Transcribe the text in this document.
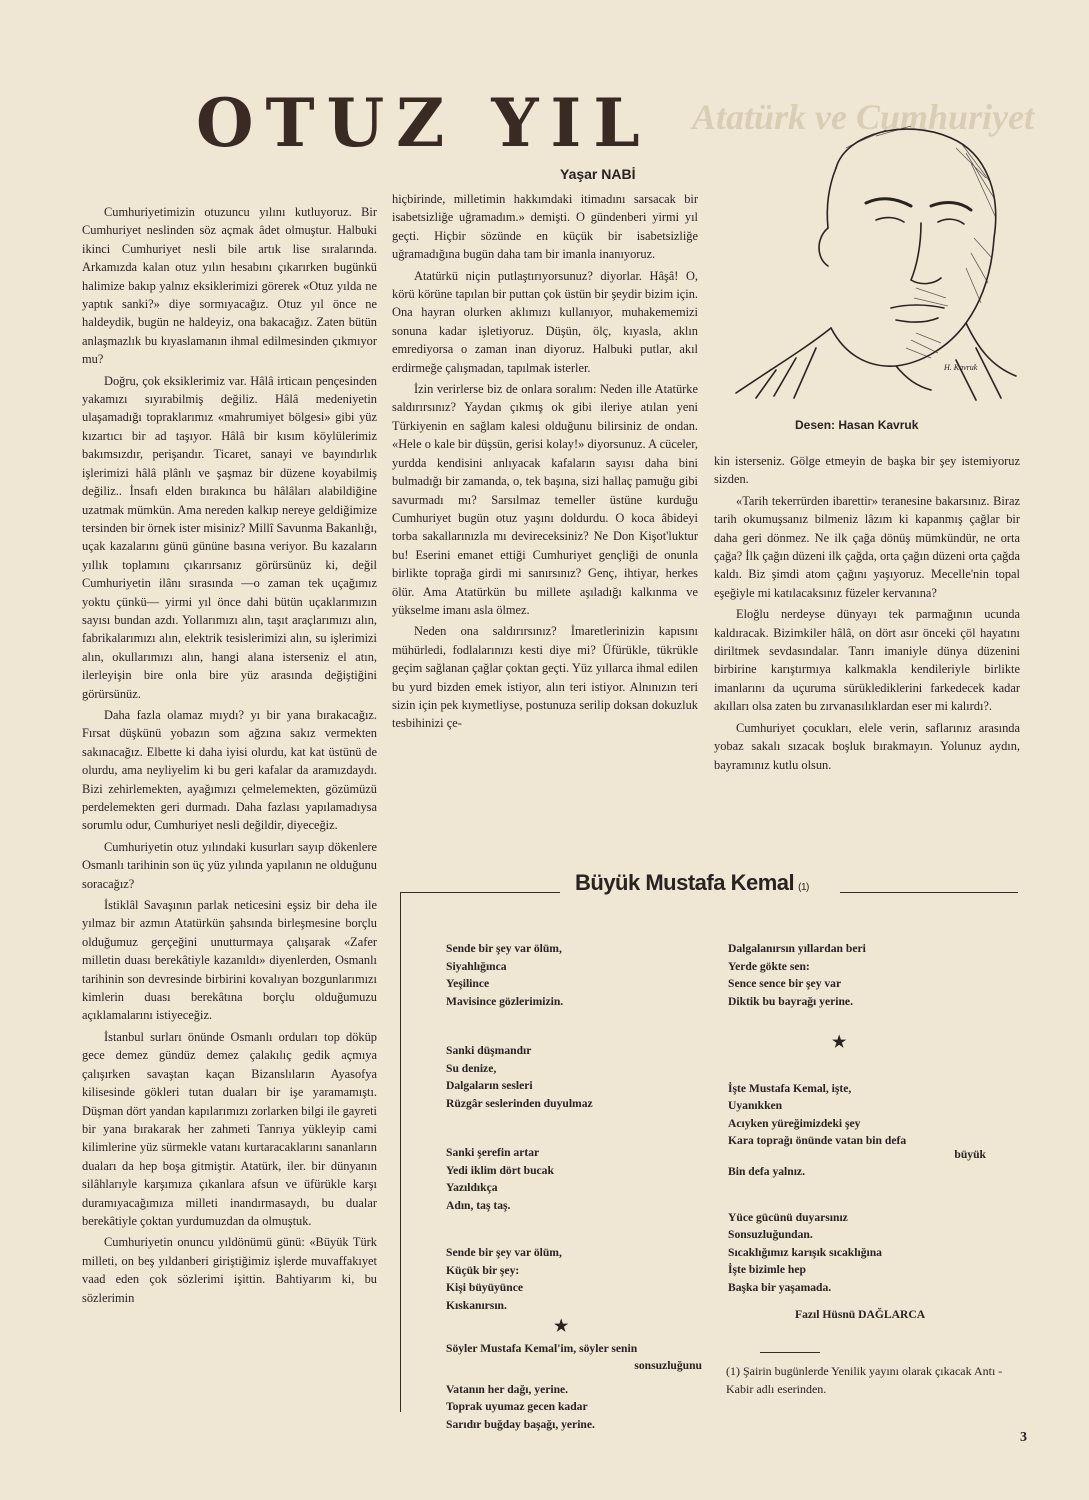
Atatürk ve Cumhuriyet
OTUZ YIL
Yaşar NABİ
H. Kavruk
Desen: Hasan Kavruk

Cumhuriyetimizin otuzuncu yılını kutluyoruz. Bir Cumhuriyet neslinden söz açmak âdet olmuştur. Halbuki ikinci Cumhuriyet nesli bile artık lise sıralarında. Arkamızda kalan otuz yılın hesabını çıkarırken bugünkü halimize bakıp yalnız eksiklerimizi görerek «Otuz yılda ne yaptık sanki?» diye sormıyacağız. Otuz yıl önce ne haldeydik, bugün ne haldeyiz, ona bakacağız. Zaten bütün anlaşmazlık bu kıyaslamanın ihmal edilmesinden çıkmıyor mu?

Doğru, çok eksiklerimiz var. Hâlâ irticaın pençesinden yakamızı sıyırabilmiş değiliz. Hâlâ medeniyetin ulaşamadığı topraklarımız «mahrumiyet bölgesi» gibi yüz kızartıcı bir ad taşıyor. Hâlâ bir kısım köylülerimiz bakımsızdır, perişandır. Ticaret, sanayi ve bayındırlık işlerimizi hâlâ plânlı ve şaşmaz bir düzene koyabilmiş değiliz.. İnsafı elden bırakınca bu hâlâları alabildiğine uzatmak mümkün. Ama nereden kalkıp nereye geldiğimize tersinden bir örnek ister misiniz? Millî Savunma Bakanlığı, uçak kazalarını günü gününe basına veriyor. Bu kazaların yıllık toplamını çıkarırsanız görürsünüz ki, değil Cumhuriyetin ilânı sırasında —o zaman tek uçağımız yoktu çünkü— yirmi yıl önce dahi bütün uçaklarımızın sayısı bundan azdı. Yollarımızı alın, taşıt araçlarımızı alın, fabrikalarımızı alın, elektrik tesislerimizi alın, su işlerimizi alın, okullarımızı alın, hangi alana isterseniz el atın, ilerleyişin bire onla bire yüz arasında değiştiğini görürsünüz.

Daha fazla olamaz mıydı? yı bir yana bırakacağız. Fırsat düşkünü yobazın som ağzına sakız vermekten sakınacağız. Elbette ki daha iyisi olurdu, kat kat üstünü de olurdu, ama neyliyelim ki bu geri kafalar da aramızdaydı. Bizi zehirlemekten, ayağımızı çelmelemekten, gözümüzü perdelemekten geri durmadı. Daha fazlası yapılamadıysa sorumlu odur, Cumhuriyet nesli değildir, diyeceğiz.

Cumhuriyetin otuz yılındaki kusurları sayıp dökenlere Osmanlı tarihinin son üç yüz yılında yapılanın ne olduğunu soracağız?

İstiklâl Savaşının parlak neticesini eşsiz bir deha ile yılmaz bir azmın Atatürkün şahsında birleşmesine borçlu olduğumuz gerçeğini unutturmaya çalışarak «Zafer milletin duası berekâtiyle kazanıldı» diyenlerden, Osmanlı tarihinin son devresinde birbirini kovalıyan bozgunlarımızı kimlerin duası berekâtına borçlu olduğumuzu açıklamalarını istiyeceğiz.

İstanbul surları önünde Osmanlı orduları top döküp gece demez gündüz demez çalakılıç gedik açmıya çalışırken savaştan kaçan Bizanslıların Ayasofya kilisesinde gökleri tutan duaları bir işe yaramamıştı. Düşman dört yandan kapılarımızı zorlarken bilgi ile gayreti bir yana bırakarak her zahmeti Tanrıya yükleyip cami kilimlerine yüz sürmekle vatanı kurtaracaklarını sananların duaları da hep boşa gitmiştir. Atatürk, iler. bir dünyanın silâhlarıyle karşımıza çıkanlara afsun ve üfürükle karşı duramıyacağımıza milleti inandırmasaydı, bu dualar berekâtiyle çoktan yurdumuzdan da olmuştuk.

Cumhuriyetin onuncu yıldönümü günü: «Büyük Türk milleti, on beş yıldanberi giriştiğimiz işlerde muvaffakıyet vaad eden çok sözlerimi işittin. Bahtiyarım ki, bu sözlerimin

hiçbirinde, milletimin hakkımdaki itimadını sarsacak bir isabetsizliğe uğramadım.» demişti. O gündenberi yirmi yıl geçti. Hiçbir sözünde en küçük bir isabetsizliğe uğramadığına bugün daha tam bir imanla inanıyoruz.

Atatürkü niçin putlaştırıyorsunuz? diyorlar. Hâşâ! O, körü körüne tapılan bir puttan çok üstün bir şeydir bizim için. Ona hayran olurken aklımızı kullanıyor, muhakememizi sonuna kadar işletiyoruz. Düşün, ölç, kıyasla, aklın emrediyorsa o zaman inan diyoruz. Halbuki putlar, akıl erdirmeğe çalışmadan, tapılmak isterler.

İzin verirlerse biz de onlara soralım: Neden ille Atatürke saldırırsınız? Yaydan çıkmış ok gibi ileriye atılan yeni Türkiyenin en sağlam kalesi olduğunu bilirsiniz de ondan. «Hele o kale bir düşsün, gerisi kolay!» diyorsunuz. A cüceler, yurdda kendisini anlıyacak kafaların sayısı daha bini bulmadığı bir zamanda, o, tek başına, sizi hallaç pamuğu gibi savurmadı mı? Sarsılmaz temeller üstüne kurduğu Cumhuriyet bugün otuz yaşını doldurdu. O koca âbideyi torba sakallarınızla mı devireceksiniz? Ne Don Kişot'luktur bu! Eserini emanet ettiği Cumhuriyet gençliği de onunla birlikte toprağa girdi mi sanırsınız? Genç, ihtiyar, herkes ölür. Ama Atatürkün bu millete aşıladığı kalkınma ve yükselme imanı asla ölmez.

Neden ona saldırırsınız? İmaretlerinizin kapısını mühürledi, fodlalarınızı kesti diye mi? Üfürükle, tükrükle geçim sağlanan çağlar çoktan geçti. Yüz yıllarca ihmal edilen bu yurd bizden emek istiyor, alın teri istiyor. Alnınızın teri sizin için pek kıymetliyse, postunuza serilip doksan dokuzluk tesbihinizi çe-

kin isterseniz. Gölge etmeyin de başka bir şey istemiyoruz sizden.

«Tarih tekerrürden ibarettir» teranesine bakarsınız. Biraz tarih okumuşsanız bilmeniz lâzım ki kapanmış çağlar bir daha geri dönmez. Ne ilk çağa dönüş mümkündür, ne orta çağa? İlk çağın düzeni ilk çağda, orta çağın düzeni orta çağda kaldı. Biz şimdi atom çağını yaşıyoruz. Mecelle'nin topal eşeğiyle mi katılacaksınız füzeler kervanına?

Eloğlu nerdeyse dünyayı tek parmağının ucunda kaldıracak. Bizimkiler hâlâ, on dört asır önceki çöl hayatını diriltmek sevdasındalar. Tanrı imaniyle dünya düzenini birbirine karıştırmıya kalkmakla kendileriyle birlikte imanlarını da uçuruma sürüklediklerini farkedecek kadar akılları olsa zaten bu zırvanasılıklardan eser mi kalırdı?.

Cumhuriyet çocukları, elele verin, saflarınız arasında yobaz sakalı sızacak boşluk bırakmayın. Yolunuz aydın, bayramınız kutlu olsun.

Büyük Mustafa Kemal (1)
Sende bir şey var ölüm,
Siyahlığınca
Yeşilince
Mavisince gözlerimizin.
Sanki düşmandır
Su denize,
Dalgaların sesleri
Rüzgâr seslerinden duyulmaz
Sanki şerefin artar
Yedi iklim dört bucak
Yazıldıkça
Adın, taş taş.
Sende bir şey var ölüm,
Küçük bir şey:
Kişi büyüyünce
Kıskanırsın.
★
Söyler Mustafa Kemal'im, söyler senin
sonsuzluğunu
Vatanın her dağı, yerine.
Toprak uyumaz gecen kadar
Sarıdır buğday başağı, yerine.
Dalgalanırsın yıllardan beri
Yerde gökte sen:
Sence sence bir şey var
Diktik bu bayrağı yerine.
★
İşte Mustafa Kemal, işte,
Uyanıkken
Acıyken yüreğimizdeki şey
Kara toprağı önünde vatan bin defa
büyük
Bin defa yalnız.
Yüce gücünü duyarsınız
Sonsuzluğundan.
Sıcaklığımız karışık sıcaklığına
İşte bizimle hep
Başka bir yaşamada.
Fazıl Hüsnü DAĞLARCA
(1) Şairin bugünlerde Yenilik yayını olarak çıkacak Antı - Kabir adlı eserinden.
3
